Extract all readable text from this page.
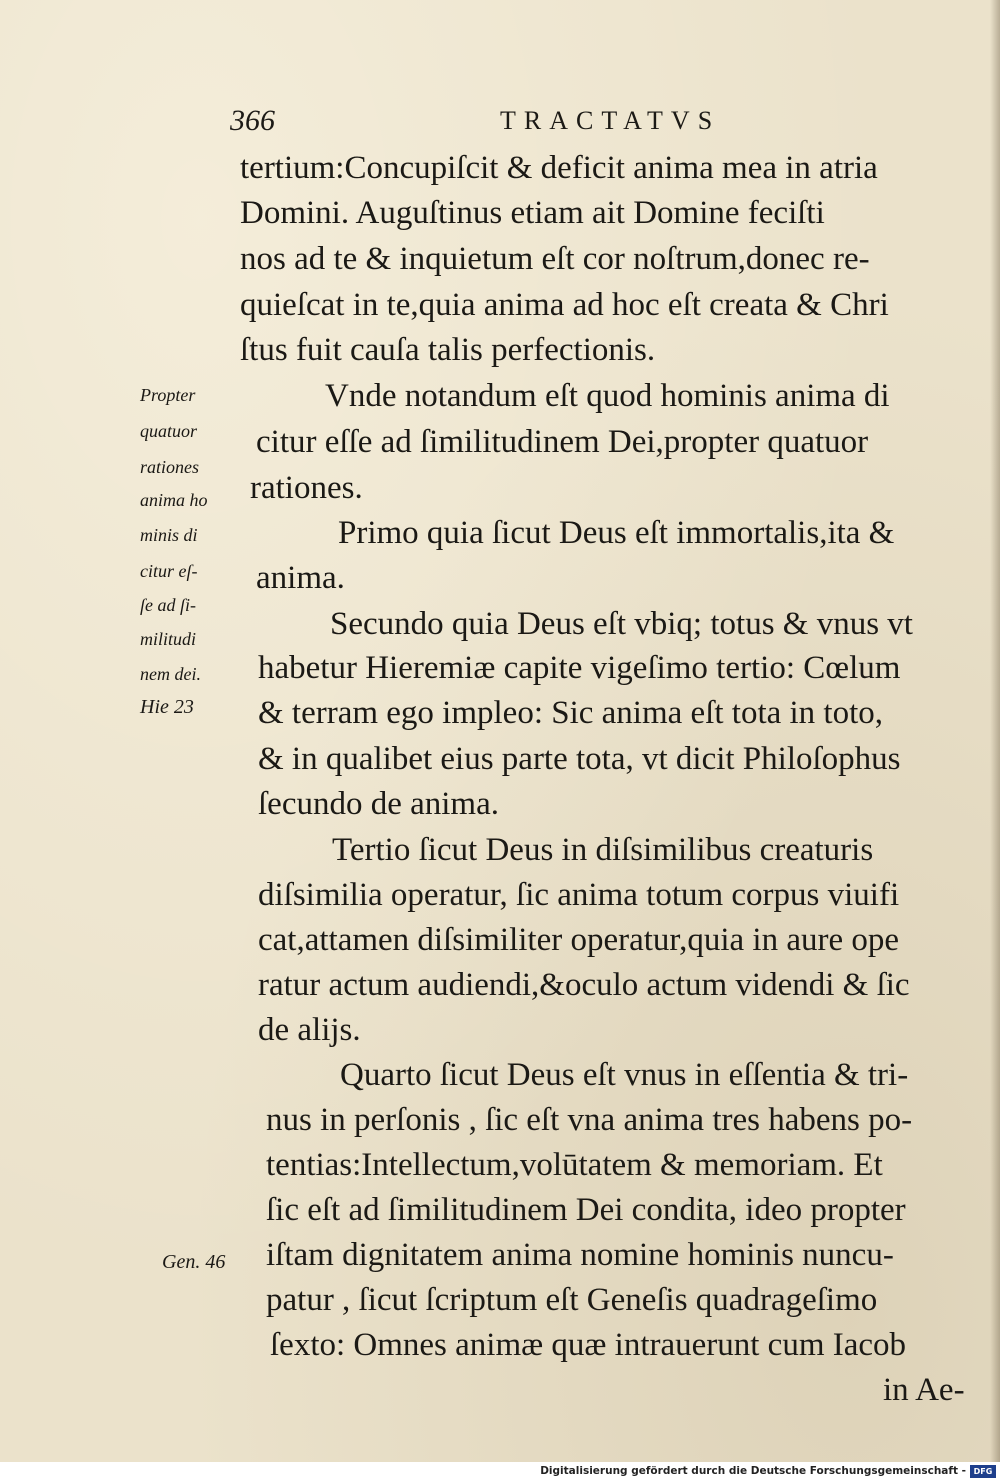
366	TRACTATVS
tertium:Concupiſcit & deficit anima mea in atria
Domini. Auguſtinus etiam ait Domine feciſti
nos ad te & inquietum eſt cor noſtrum,donec re-
quieſcat in te,quia anima ad hoc eſt creata & Chri
ſtus fuit cauſa talis perfectionis.
Vnde notandum eſt quod hominis anima di
citur eſſe ad ſimilitudinem Dei,propter quatuor
rationes.
Primo quia ſicut Deus eſt immortalis,ita &
anima.
Secundo quia Deus eſt vbiq; totus & vnus vt
habetur Hieremiæ capite vigeſimo tertio: Cœlum
& terram ego impleo: Sic anima eſt tota in toto,
& in qualibet eius parte tota, vt dicit Philoſophus
ſecundo de anima.
Tertio ſicut Deus in diſsimilibus creaturis
diſsimilia operatur, ſic anima totum corpus viuifi
cat,attamen diſsimiliter operatur,quia in aure ope
ratur actum audiendi,&oculo actum videndi & ſic
de alijs.
Quarto ſicut Deus eſt vnus in eſſentia & tri-
nus in perſonis , ſic eſt vna anima tres habens po-
tentias:Intellectum,volūtatem & memoriam. Et
ſic eſt ad ſimilitudinem Dei condita, ideo propter
iſtam dignitatem anima nomine hominis nuncu-
patur , ſicut ſcriptum eſt Geneſis quadrageſimo
ſexto: Omnes animæ quæ intrauerunt cum Iacob
in Ae-
Propter
quatuor
rationes
anima ho
minis di
citur eſ-
ſe ad ſi-
militudi
nem dei.
Hie 23
Gen. 46
Digitalisierung gefördert durch die Deutsche Forschungsgemeinschaft - DFG
